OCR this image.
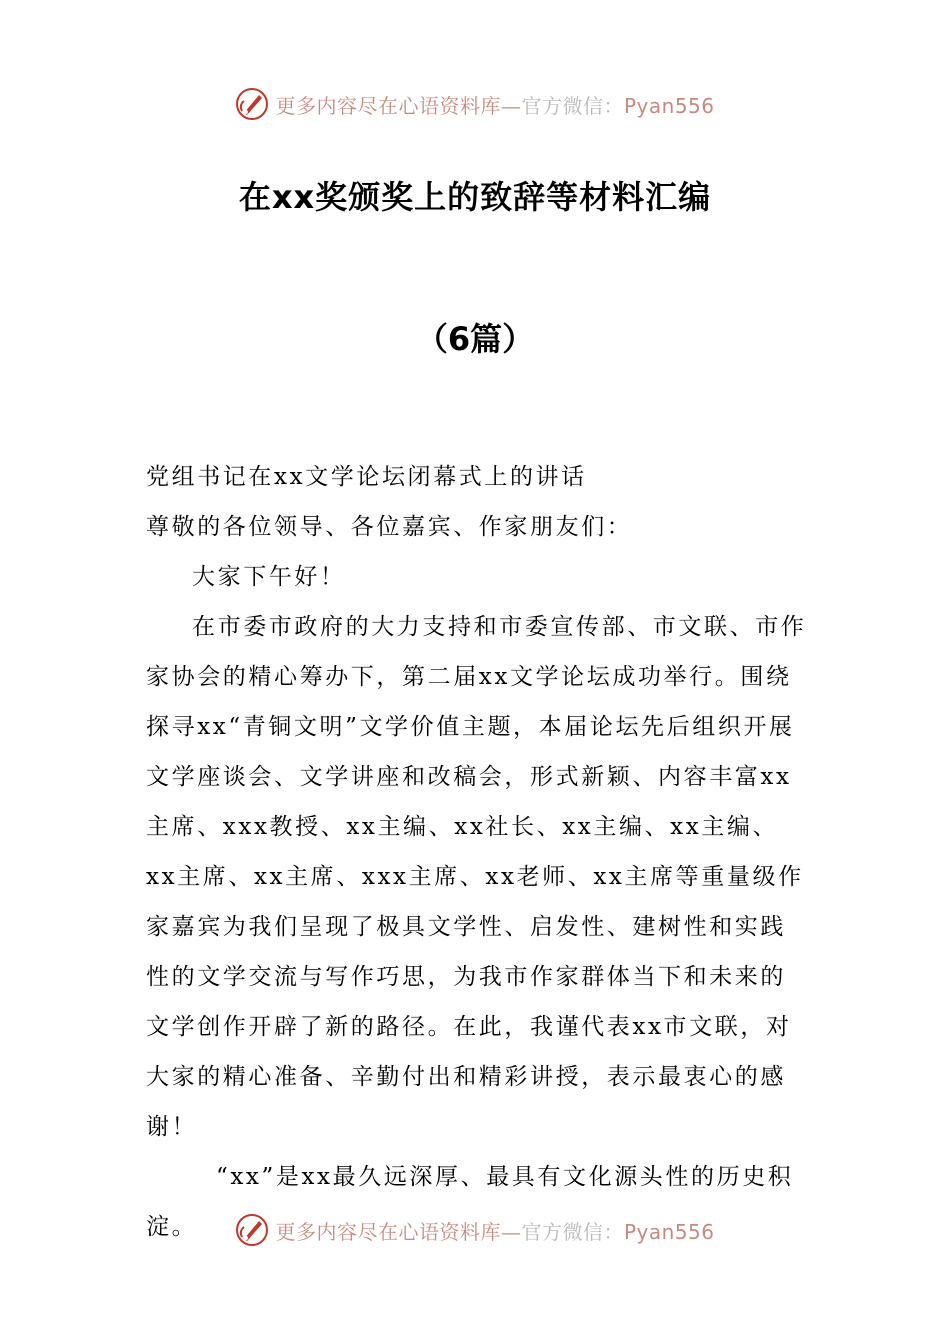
更多内容尽在心语资料库—官方微信：Pyan556
在xx奖颁奖上的致辞等材料汇编
（6篇）

党组书记在xx文学论坛闭幕式上的讲话

尊敬的各位领导、各位嘉宾、作家朋友们：

大家下午好！

在市委市政府的大力支持和市委宣传部、市文联、市作家协会的精心筹办下，第二届xx文学论坛成功举行。围绕探寻xx“青铜文明”文学价值主题，本届论坛先后组织开展文学座谈会、文学讲座和改稿会，形式新颖、内容丰富xx主席、xxx教授、xx主编、xx社长、xx主编、xx主编、xx主席、xx主席、xxx主席、xx老师、xx主席等重量级作家嘉宾为我们呈现了极具文学性、启发性、建树性和实践性的文学交流与写作巧思，为我市作家群体当下和未来的文学创作开辟了新的路径。在此，我谨代表xx市文联，对大家的精心准备、辛勤付出和精彩讲授，表示最衷心的感谢！

“xx”是xx最久远深厚、最具有文化源头性的历史积淀。	更多内容尽在心语资料库—官方微信：Pyan556
